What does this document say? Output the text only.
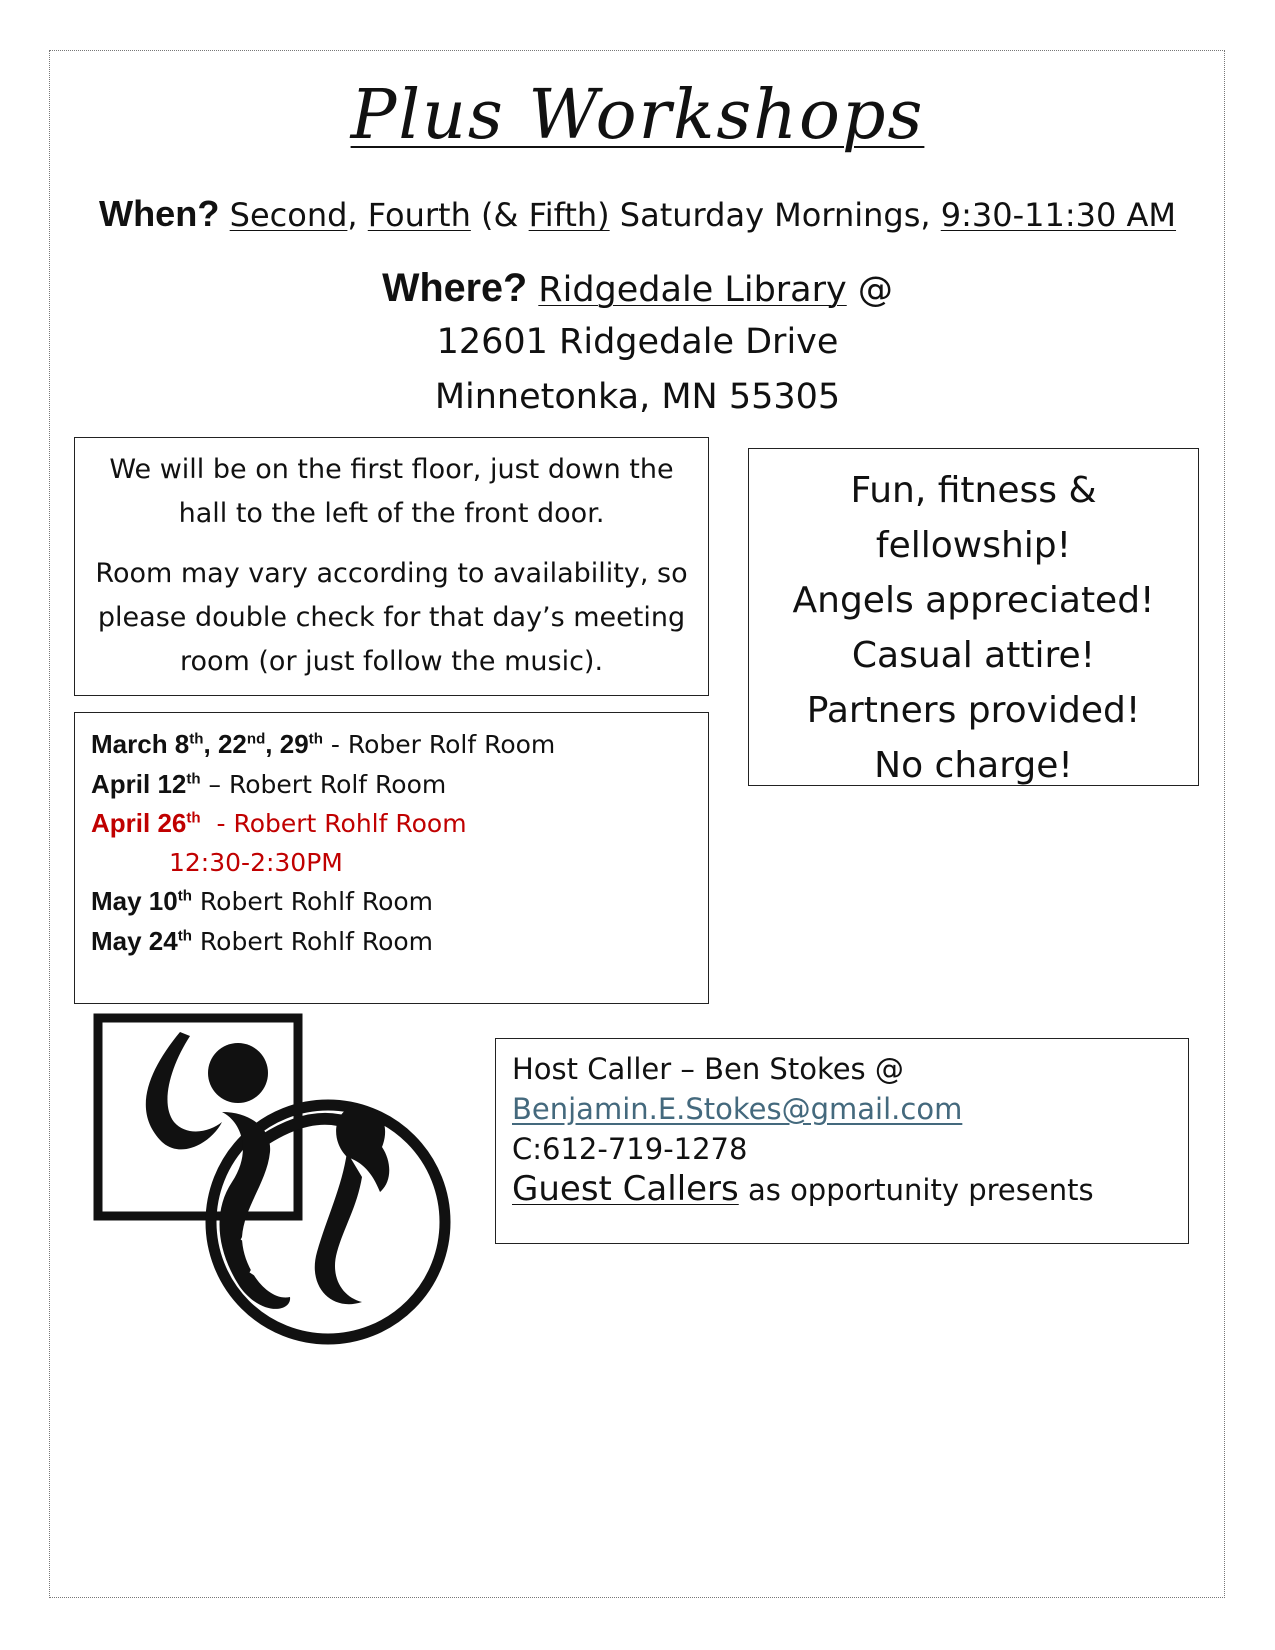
Plus Workshops
When? Second, Fourth (& Fifth) Saturday Mornings, 9:30-11:30 AM
Where? Ridgedale Library @
12601 Ridgedale Drive
Minnetonka, MN 55305

We will be on the first floor, just down the hall to the left of the front door.

Room may vary according to availability, so please double check for that day’s meeting room (or just follow the music).

March 8th, 22nd, 29th - Rober Rolf Room
April 12th – Robert Rolf Room
April 26th  - Robert Rohlf Room
12:30-2:30PM
May 10th Robert Rohlf Room
May 24th Robert Rohlf Room
Fun, fitness &
fellowship!
Angels appreciated!
Casual attire!
Partners provided!
No charge!
Host Caller – Ben Stokes @
Benjamin.E.Stokes@gmail.com
C:612-719-1278
Guest Callers as opportunity presents
